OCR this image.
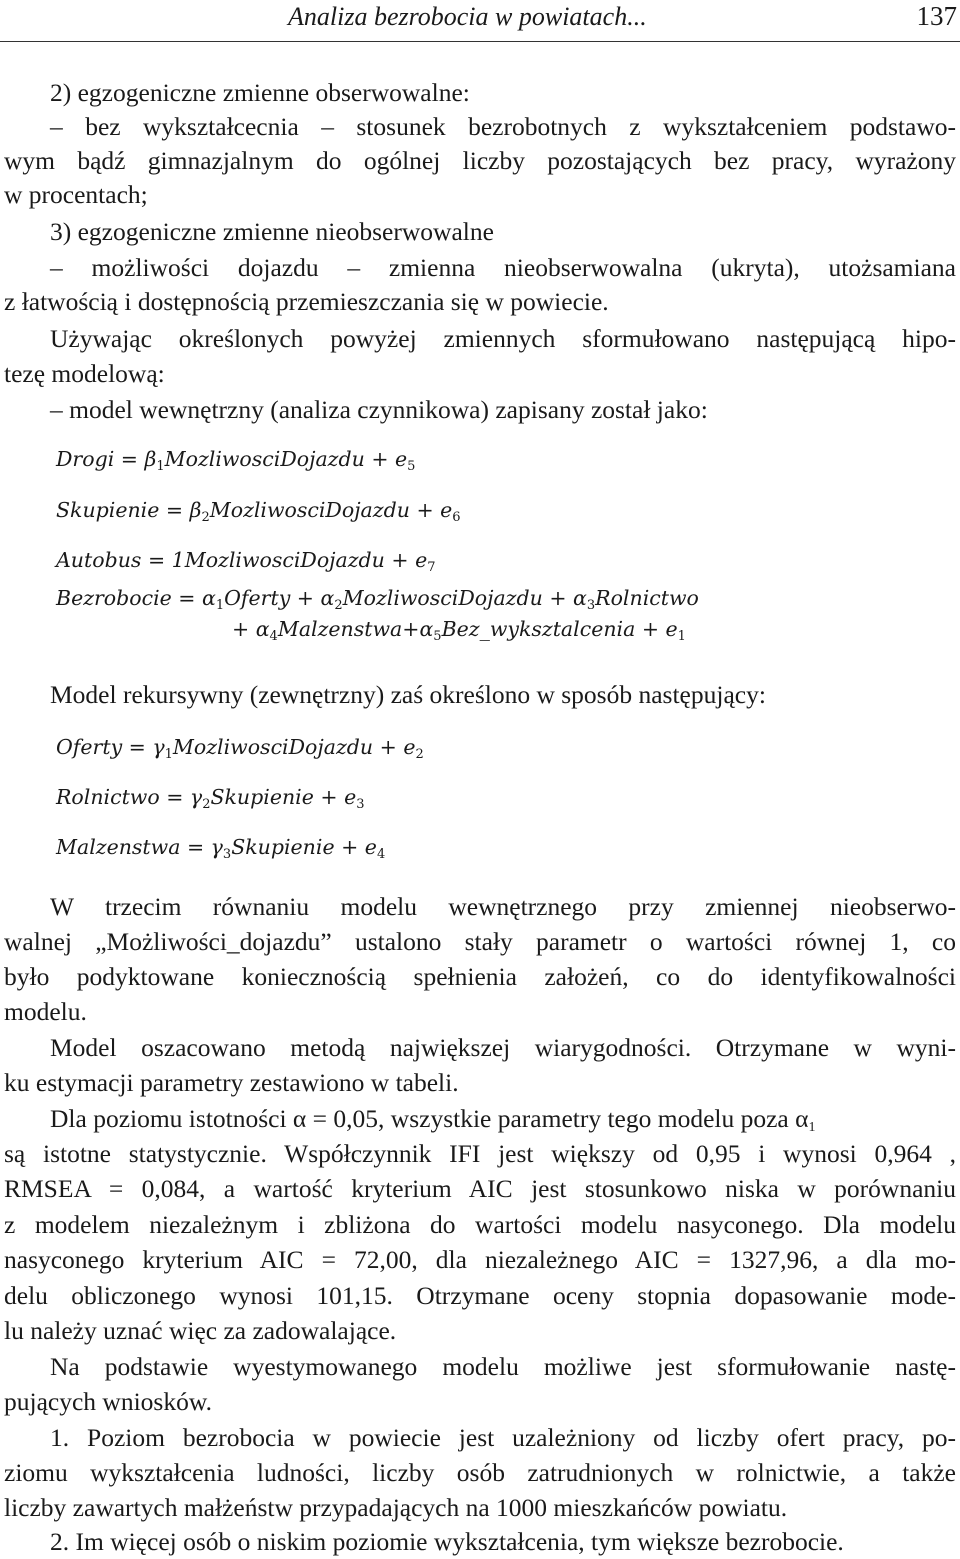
Analiza bezrobocia w powiatach...	137
2) egzogeniczne zmienne obserwowalne:
– bez wykształcecnia – stosunek bezrobotnych z wykształceniem podstawo-
wym bądź gimnazjalnym do ogólnej liczby pozostających bez pracy, wyrażony
w procentach;
3) egzogeniczne zmienne nieobserwowalne
– możliwości dojazdu – zmienna nieobserwowalna (ukryta), utożsamiana
z łatwością i dostępnością przemieszczania się w powiecie.
Używając określonych powyżej zmiennych sformułowano następującą hipo-
tezę modelową:
– model wewnętrzny (analiza czynnikowa) zapisany został jako:
Drogi = $\beta_1MozliwosciDojazdu + e_5$
Skupienie = $\beta_2MozliwosciDojazdu + e_6$
Autobus = 1MozliwosciDojazdu + $e_7$
Bezrobocie = $\alpha_1Oferty$ + $\alpha_2MozliwosciDojazdu$ + $\alpha_3Rolnictwo$
+ $\alpha_4Malzenstwa+\alpha_5Bez\_wyksztalcenia + e_1$
Model rekursywny (zewnętrzny) zaś określono w sposób następujący:
Oferty = $\gamma_1MozliwosciDojazdu + e_2$
Rolnictwo = $\gamma_2Skupienie + e_3$
Malzenstwa = $\gamma_3Skupienie + e_4$
W trzecim równaniu modelu wewnętrznego przy zmiennej nieobserwo-
walnej „Możliwości_dojazdu” ustalono stały parametr o wartości równej 1, co
było podyktowane koniecznością spełnienia założeń, co do identyfikowalności
modelu.
Model oszacowano metodą największej wiarygodności. Otrzymane w wyni-
ku estymacji parametry zestawiono w tabeli.
Dla poziomu istotności α = 0,05, wszystkie parametry tego modelu poza $\alpha_1$
są istotne statystycznie. Współczynnik IFI jest większy od 0,95 i wynosi 0,964 ,
RMSEA = 0,084, a wartość kryterium AIC jest stosunkowo niska w porównaniu
z modelem niezależnym i zbliżona do wartości modelu nasyconego. Dla modelu
nasyconego kryterium AIC = 72,00, dla niezależnego AIC = 1327,96, a dla mo-
delu obliczonego wynosi 101,15. Otrzymane oceny stopnia dopasowanie mode-
lu należy uznać więc za zadowalające.
Na podstawie wyestymowanego modelu możliwe jest sformułowanie nastę-
pujących wniosków.
1. Poziom bezrobocia w powiecie jest uzależniony od liczby ofert pracy, po-
ziomu wykształcenia ludności, liczby osób zatrudnionych w rolnictwie, a także
liczby zawartych małżeństw przypadających na 1000 mieszkańców powiatu.
2. Im więcej osób o niskim poziomie wykształcenia, tym większe bezrobocie.
